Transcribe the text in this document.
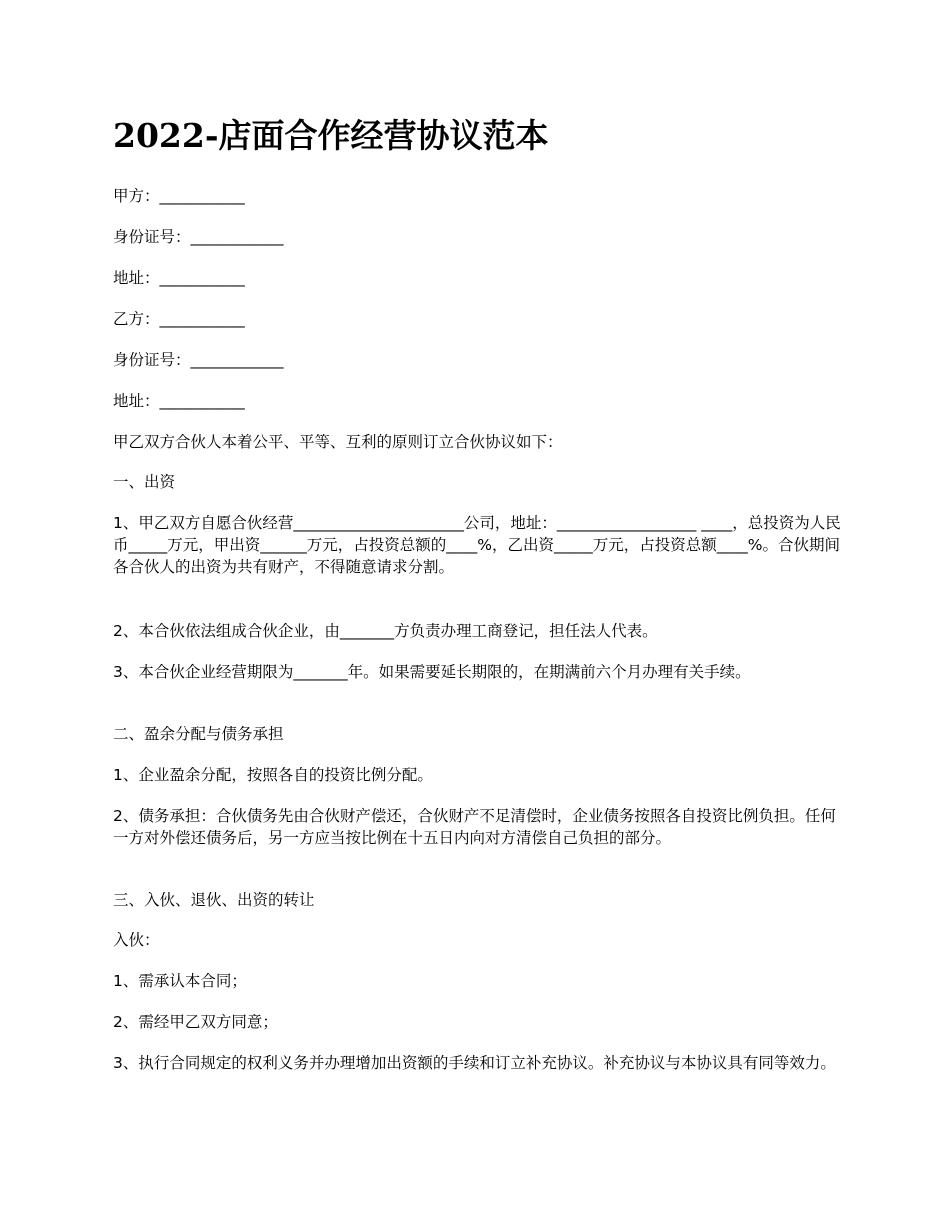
2022-店面合作经营协议范本

甲方：___________

身份证号：____________

地址：___________

乙方：___________

身份证号：____________

地址：___________

甲乙双方合伙人本着公平、平等、互利的原则订立合伙协议如下：

一、出资

1、甲乙双方自愿合伙经营______________________公司，地址：__________________ ____，总投资为人民币_____万元，甲出资______万元，占投资总额的____%，乙出资_____万元，占投资总额____%。合伙期间各合伙人的出资为共有财产，不得随意请求分割。

2、本合伙依法组成合伙企业，由_______方负责办理工商登记，担任法人代表。

3、本合伙企业经营期限为_______年。如果需要延长期限的，在期满前六个月办理有关手续。

二、盈余分配与债务承担

1、企业盈余分配，按照各自的投资比例分配。

2、债务承担：合伙债务先由合伙财产偿还，合伙财产不足清偿时，企业债务按照各自投资比例负担。任何一方对外偿还债务后，另一方应当按比例在十五日内向对方清偿自己负担的部分。

三、入伙、退伙、出资的转让

入伙：

1、需承认本合同；

2、需经甲乙双方同意；

3、执行合同规定的权利义务并办理增加出资额的手续和订立补充协议。补充协议与本协议具有同等效力。
